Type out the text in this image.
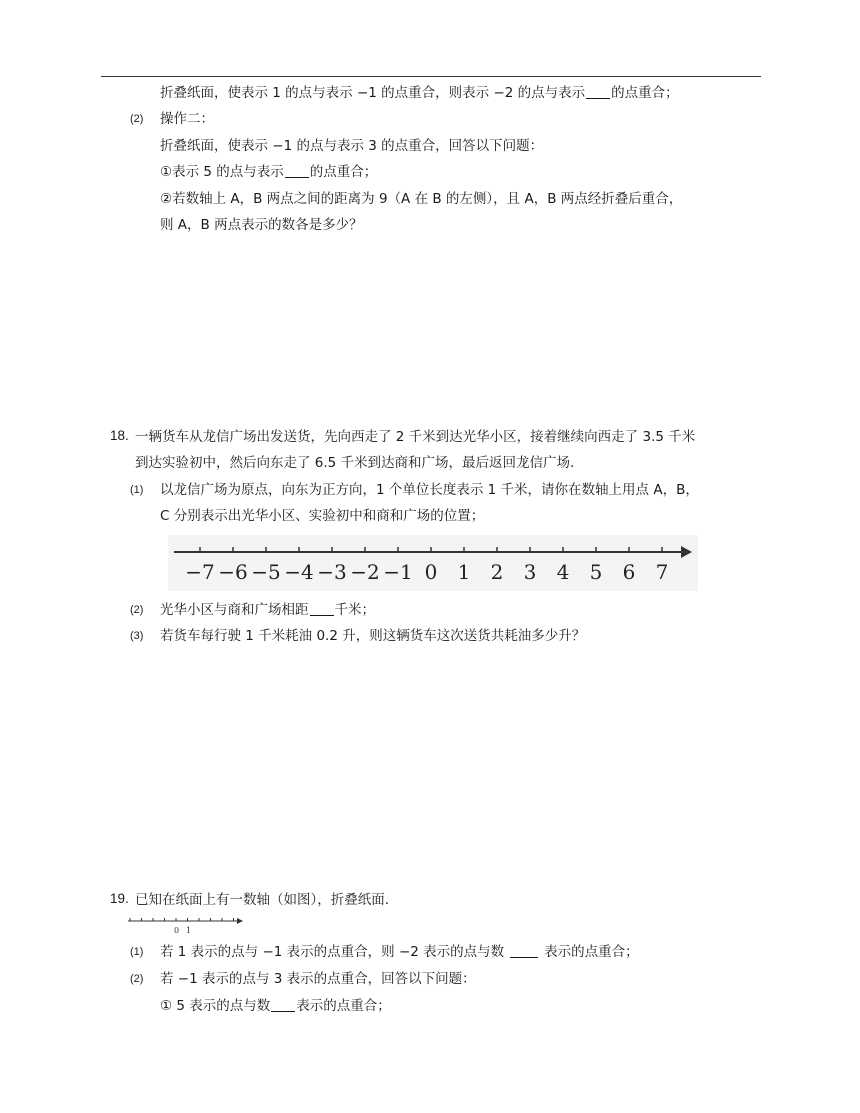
折叠纸面，使表示 1 的点与表示 −1 的点重合，则表示 −2 的点与表示 的点重合；
(2) 操作二：
折叠纸面，使表示 −1 的点与表示 3 的点重合，回答以下问题：
①表示 5 的点与表示 的点重合；
②若数轴上 A，B 两点之间的距离为 9（A 在 B 的左侧），且 A，B 两点经折叠后重合，
则 A，B 两点表示的数各是多少？
18. 一辆货车从龙信广场出发送货，先向西走了 2 千米到达光华小区，接着继续向西走了 3.5 千米
到达实验初中，然后向东走了 6.5 千米到达商和广场，最后返回龙信广场.
(1) 以龙信广场为原点，向东为正方向，1 个单位长度表示 1 千米，请你在数轴上用点 A，B，
C 分别表示出光华小区、实验初中和商和广场的位置；
−7 −6 −5 −4 −3 −2 −1 0 1 2 3 4 5 6 7
(2) 光华小区与商和广场相距 千米；
(3) 若货车每行驶 1 千米耗油 0.2 升，则这辆货车这次送货共耗油多少升？
19. 已知在纸面上有一数轴（如图），折叠纸面.
0 1
(1) 若 1 表示的点与 −1 表示的点重合，则 −2 表示的点与数	表示的点重合；
(2) 若 −1 表示的点与 3 表示的点重合，回答以下问题：
① 5 表示的点与数 表示的点重合；
